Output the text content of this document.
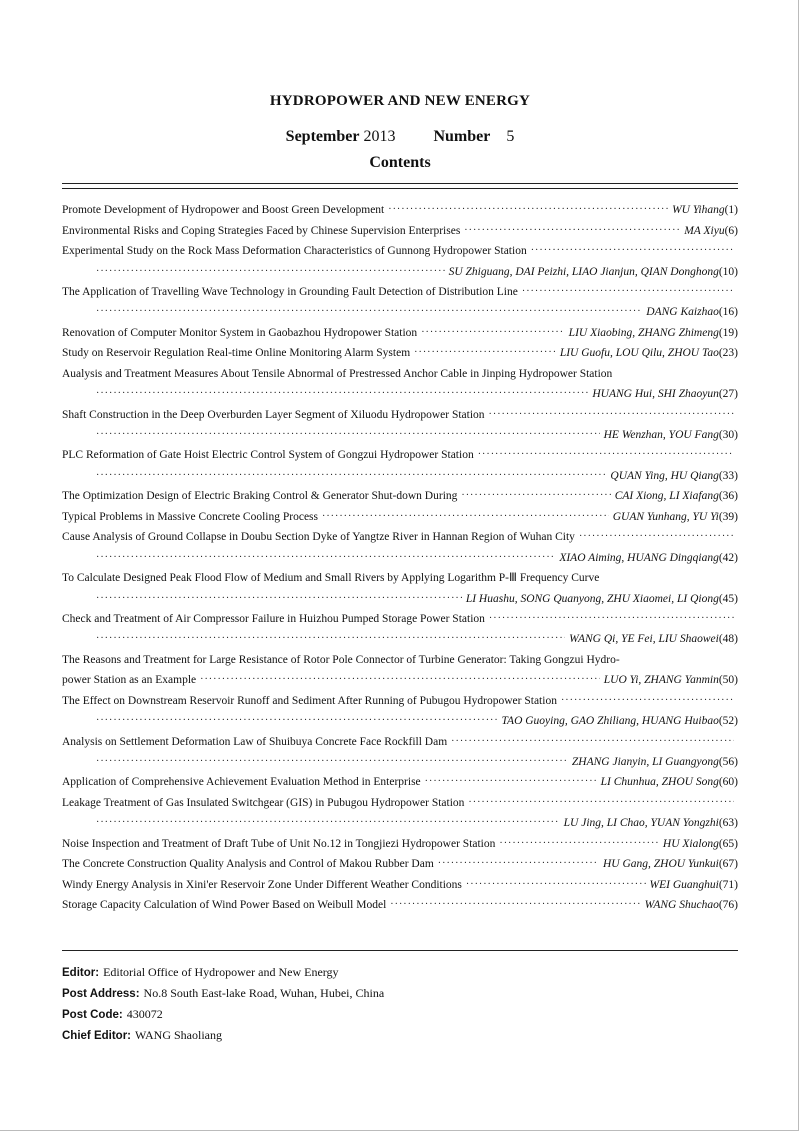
HYDROPOWER AND NEW ENERGY
September 2013 Number 5
Contents
Promote Development of Hydropower and Boost Green Development ·····	WU Yihang (1)
Environmental Risks and Coping Strategies Faced by Chinese Supervision Enterprises ·····	MA Xiyu (6)
Experimental Study on the Rock Mass Deformation Characteristics of Gunnong Hydropower Station
·····
·····
SU Zhiguang, DAI Peizhi, LIAO Jianjun, QIAN Donghong (10)
The Application of Travelling Wave Technology in Grounding Fault Detection of Distribution Line
·····
·····
DANG Kaizhao (16)
Renovation of Computer Monitor System in Gaobazhou Hydropower Station ·····	LIU Xiaobing, ZHANG Zhimeng (19)
Study on Reservoir Regulation Real-time Online Monitoring Alarm System ·····	LIU Guofu, LOU Qilu, ZHOU Tao (23)
Aualysis and Treatment Measures About Tensile Abnormal of Prestressed Anchor Cable in Jinping Hydropower Station
·····
HUANG Hui, SHI Zhaoyun (27)
Shaft Construction in the Deep Overburden Layer Segment of Xiluodu Hydropower Station
·····
·····
HE Wenzhan, YOU Fang (30)
PLC Reformation of Gate Hoist Electric Control System of Gongzui Hydropower Station
·····
·····
QUAN Ying, HU Qiang (33)
The Optimization Design of Electric Braking Control & Generator Shut-down During ·····	CAI Xiong, LI Xiafang (36)
Typical Problems in Massive Concrete Cooling Process ·····	GUAN Yunhang, YU Yi (39)
Cause Analysis of Ground Collapse in Doubu Section Dyke of Yangtze River in Hannan Region of Wuhan City
·····
·····
XIAO Aiming, HUANG Dingqiang (42)
To Calculate Designed Peak Flood Flow of Medium and Small Rivers by Applying Logarithm P-Ⅲ Frequency Curve
·····
LI Huashu, SONG Quanyong, ZHU Xiaomei, LI Qiong (45)
Check and Treatment of Air Compressor Failure in Huizhou Pumped Storage Power Station
·····
·····
WANG Qi, YE Fei, LIU Shaowei (48)
The Reasons and Treatment for Large Resistance of Rotor Pole Connector of Turbine Generator: Taking Gongzui Hydro-
power Station as an Example ·····	LUO Yi, ZHANG Yanmin (50)
The Effect on Downstream Reservoir Runoff and Sediment After Running of Pubugou Hydropower Station
·····
·····
TAO Guoying, GAO Zhiliang, HUANG Huibao (52)
Analysis on Settlement Deformation Law of Shuibuya Concrete Face Rockfill Dam
·····
·····
ZHANG Jianyin, LI Guangyong (56)
Application of Comprehensive Achievement Evaluation Method in Enterprise ·····	LI Chunhua, ZHOU Song (60)
Leakage Treatment of Gas Insulated Switchgear (GIS) in Pubugou Hydropower Station
·····
·····
LU Jing, LI Chao, YUAN Yongzhi (63)
Noise Inspection and Treatment of Draft Tube of Unit No.12 in Tongjiezi Hydropower Station ·····	HU Xialong (65)
The Concrete Construction Quality Analysis and Control of Makou Rubber Dam ·····	HU Gang, ZHOU Yunkui (67)
Windy Energy Analysis in Xini'er Reservoir Zone Under Different Weather Conditions ·····	WEI Guanghui (71)
Storage Capacity Calculation of Wind Power Based on Weibull Model ·····	WANG Shuchao (76)
Editor: Editorial Office of Hydropower and New Energy
Post Address: No.8 South East-lake Road, Wuhan, Hubei, China
Post Code: 430072
Chief Editor: WANG Shaoliang
